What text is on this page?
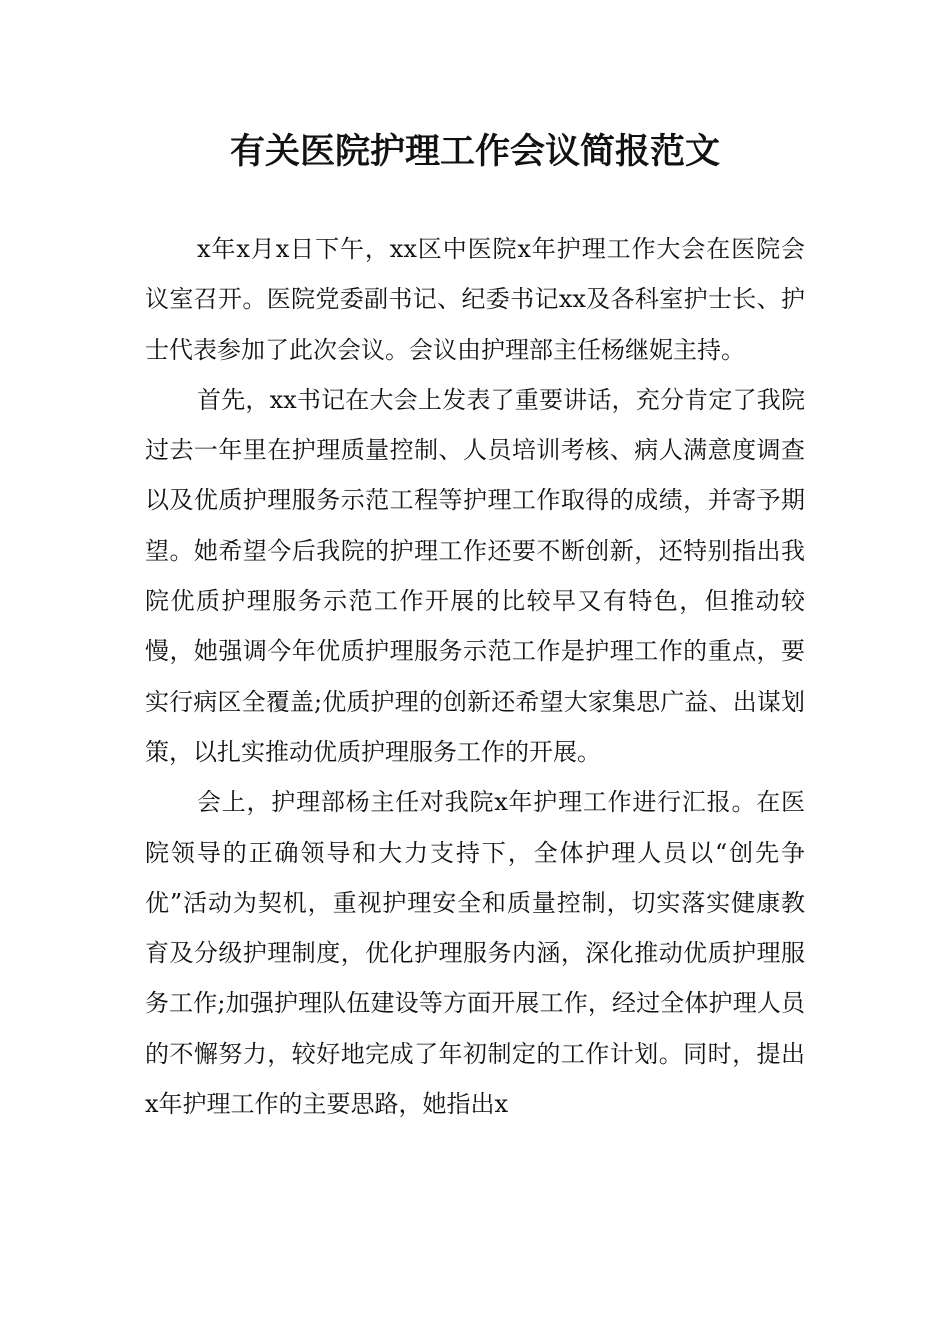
有关医院护理工作会议简报范文

x年x月x日下午，xx区中医院x年护理工作大会在医院会议室召开。医院党委副书记、纪委书记xx及各科室护士长、护士代表参加了此次会议。会议由护理部主任杨继妮主持。

首先，xx书记在大会上发表了重要讲话，充分肯定了我院过去一年里在护理质量控制、人员培训考核、病人满意度调查以及优质护理服务示范工程等护理工作取得的成绩，并寄予期望。她希望今后我院的护理工作还要不断创新，还特别指出我院优质护理服务示范工作开展的比较早又有特色，但推动较慢，她强调今年优质护理服务示范工作是护理工作的重点，要实行病区全覆盖;优质护理的创新还希望大家集思广益、出谋划策，以扎实推动优质护理服务工作的开展。

会上，护理部杨主任对我院x年护理工作进行汇报。在医院领导的正确领导和大力支持下，全体护理人员以“创先争优”活动为契机，重视护理安全和质量控制，切实落实健康教育及分级护理制度，优化护理服务内涵，深化推动优质护理服务工作;加强护理队伍建设等方面开展工作，经过全体护理人员的不懈努力，较好地完成了年初制定的工作计划。同时，提出x年护理工作的主要思路，她指出x
